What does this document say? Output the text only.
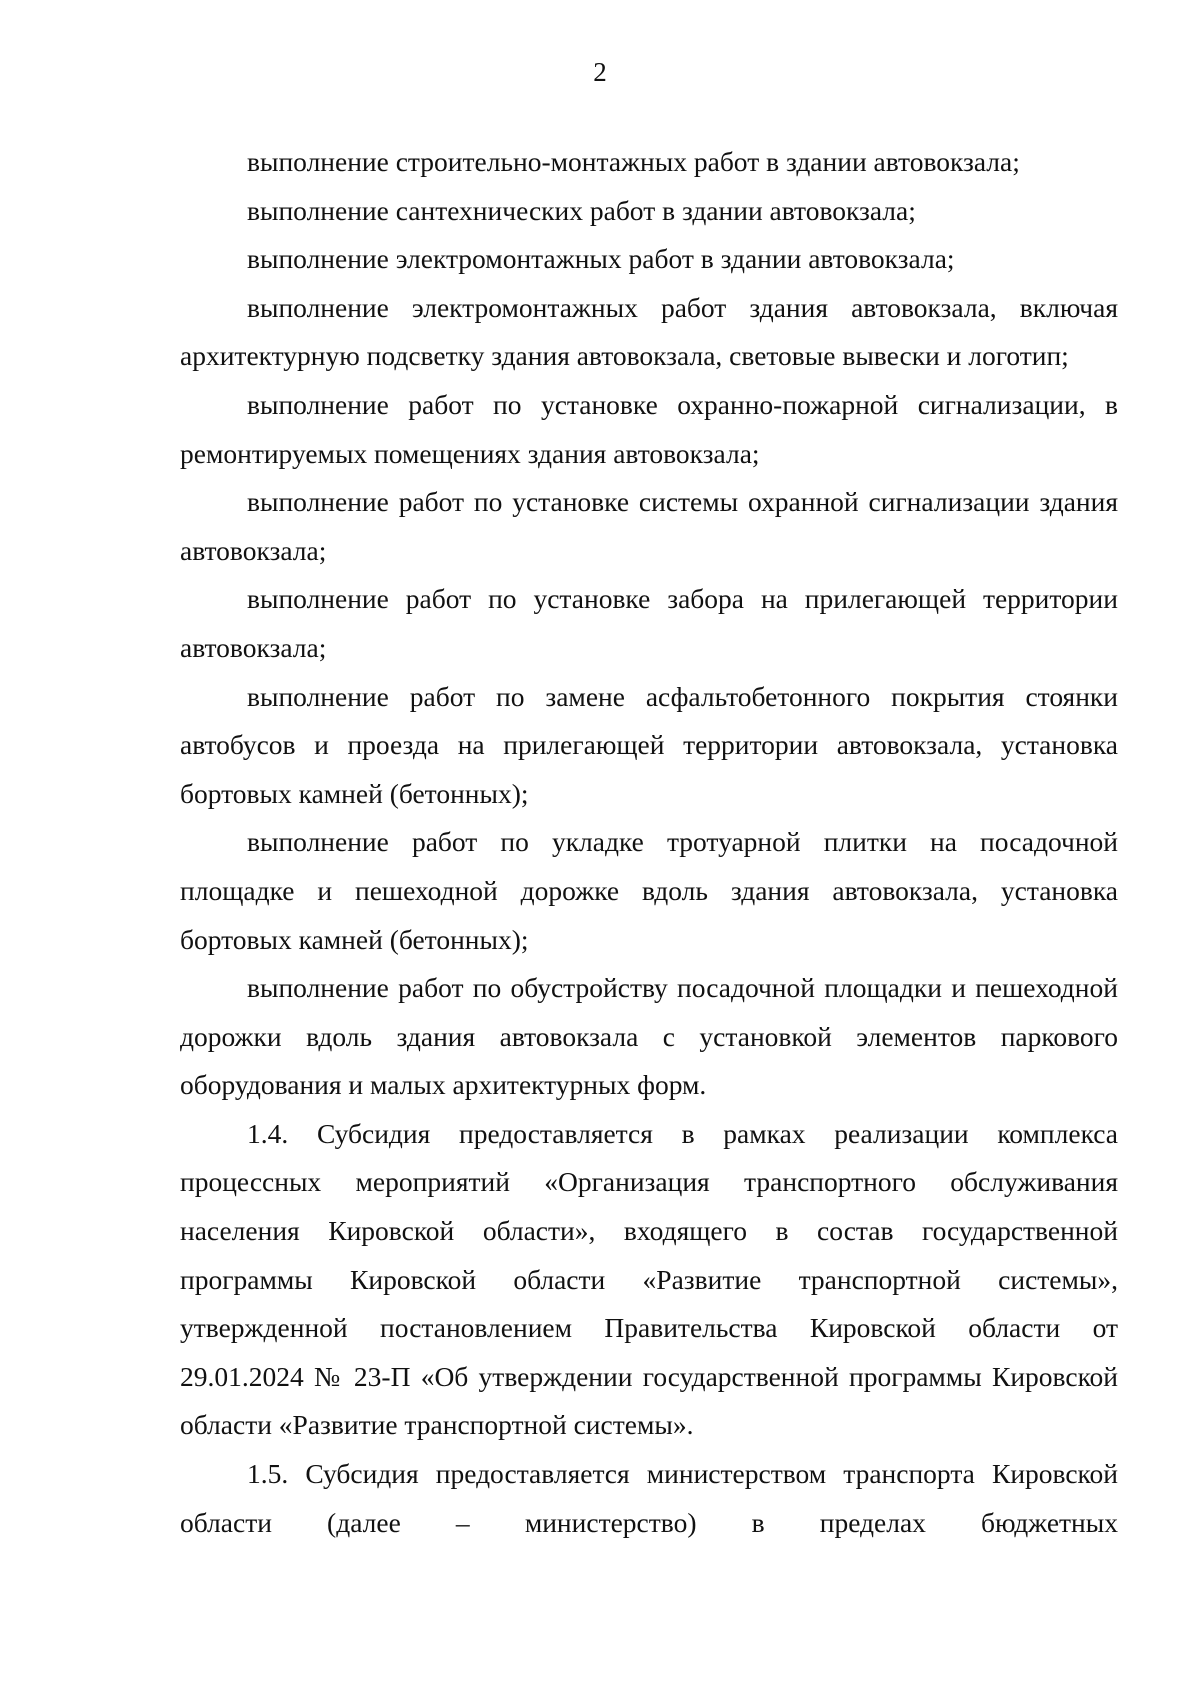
2

выполнение строительно-монтажных работ в здании автовокзала;

выполнение сантехнических работ в здании автовокзала;

выполнение электромонтажных работ в здании автовокзала;

выполнение электромонтажных работ здания автовокзала, включая архитектурную подсветку здания автовокзала, световые вывески и логотип;

выполнение работ по установке охранно-пожарной сигнализации, в ремонтируемых помещениях здания автовокзала;

выполнение работ по установке системы охранной сигнализации здания автовокзала;

выполнение работ по установке забора на прилегающей территории автовокзала;

выполнение работ по замене асфальтобетонного покрытия стоянки автобусов и проезда на прилегающей территории автовокзала, установка бортовых камней (бетонных);

выполнение работ по укладке тротуарной плитки на посадочной площадке и пешеходной дорожке вдоль здания автовокзала, установка бортовых камней (бетонных);

выполнение работ по обустройству посадочной площадки и пешеходной дорожки вдоль здания автовокзала с установкой элементов паркового оборудования и малых архитектурных форм.

1.4. Субсидия предоставляется в рамках реализации комплекса процессных мероприятий «Организация транспортного обслуживания населения Кировской области», входящего в состав государственной программы Кировской области «Развитие транспортной системы», утвержденной постановлением Правительства Кировской области от 29.01.2024 № 23-П «Об утверждении государственной программы Кировской области «Развитие транспортной системы».

1.5. Субсидия предоставляется министерством транспорта Кировской области (далее – министерство) в пределах бюджетных
